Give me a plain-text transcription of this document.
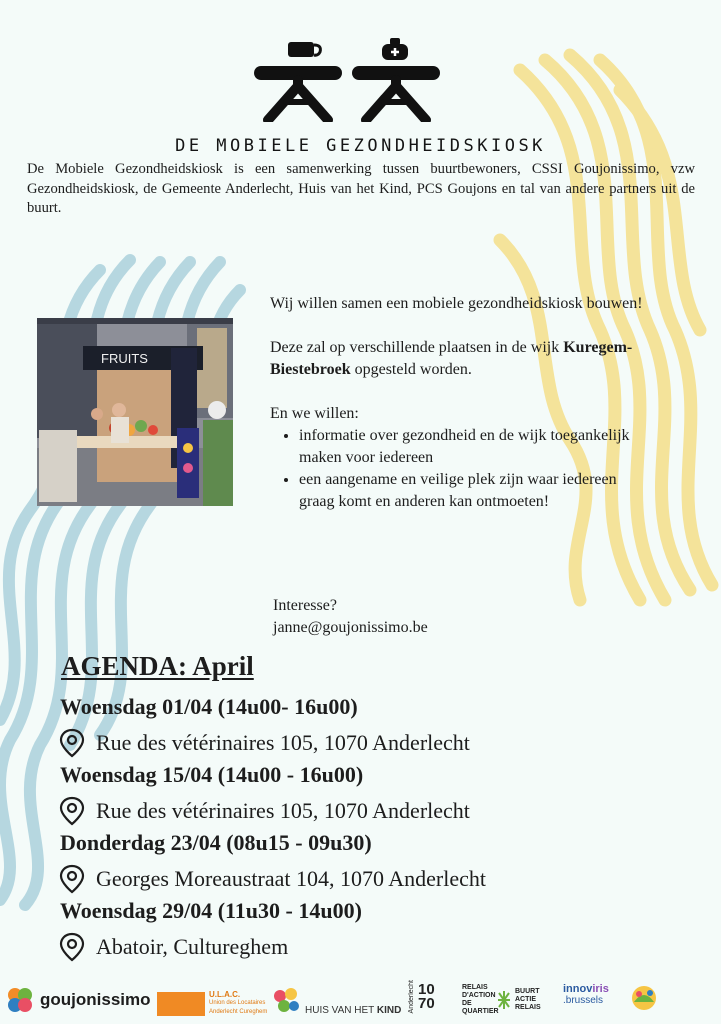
DE MOBIELE GEZONDHEIDSKIOSK
De Mobiele Gezondheidskiosk is een samenwerking tussen buurtbewoners, CSSI Goujonissimo, vzw Gezondheidskiosk, de Gemeente Anderlecht, Huis van het Kind, PCS Goujons en tal van andere partners uit de buurt.
FRUITS

Wij willen samen een mobiele gezondheidskiosk bouwen!

Deze zal op verschillende plaatsen in de wijk Kuregem-Biestebroek opgesteld worden.

En we willen:

• informatie over gezondheid en de wijk toegankelijk maken voor iedereen
• een aangename en veilige plek zijn waar iedereen graag komt en anderen kan ontmoeten!
Interesse?
janne@goujonissimo.be
AGENDA: April
Woensdag 01/04 (14u00- 16u00)
Rue des vétérinaires 105, 1070 Anderlecht
Woensdag 15/04 (14u00 - 16u00)
Rue des vétérinaires 105, 1070 Anderlecht
Donderdag 23/04 (08u15 - 09u30)
Georges Moreaustraat 104, 1070 Anderlecht
Woensdag 29/04 (11u30 - 14u00)
Abatoir, Cultureghem
goujonissimo	U.L.A.C.
Union des Locataires Anderlecht Cureghem	HUIS VAN HET KIND Anderlecht 1070
RELAIS D'ACTION DE QUARTIER
BUURT ACTIE RELAIS
innoviris
.brussels
